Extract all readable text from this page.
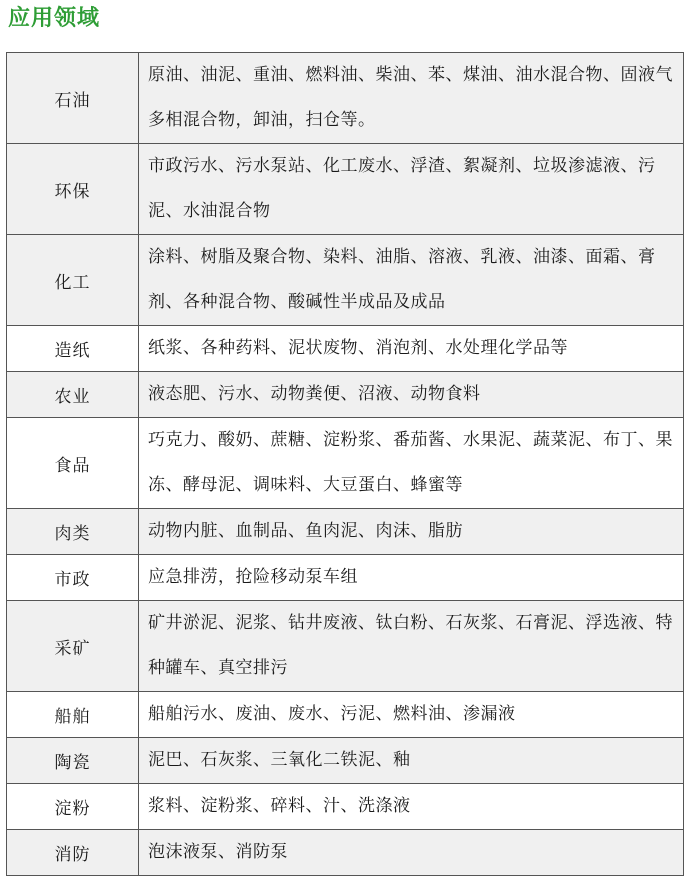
应用领域
石油	原油、油泥、重油、燃料油、柴油、苯、煤油、油水混合物、固液气多相混合物，卸油，扫仓等。
环保	市政污水、污水泵站、化工废水、浮渣、絮凝剂、垃圾渗滤液、污泥、水油混合物
化工	涂料、树脂及聚合物、染料、油脂、溶液、乳液、油漆、面霜、膏剂、各种混合物、酸碱性半成品及成品
造纸	纸浆、各种药料、泥状废物、消泡剂、水处理化学品等
农业	液态肥、污水、动物粪便、沼液、动物食料
食品	巧克力、酸奶、蔗糖、淀粉浆、番茄酱、水果泥、蔬菜泥、布丁、果冻、酵母泥、调味料、大豆蛋白、蜂蜜等
肉类	动物内脏、血制品、鱼肉泥、肉沫、脂肪
市政	应急排涝，抢险移动泵车组
采矿	矿井淤泥、泥浆、钻井废液、钛白粉、石灰浆、石膏泥、浮选液、特种罐车、真空排污
船舶	船舶污水、废油、废水、污泥、燃料油、渗漏液
陶瓷	泥巴、石灰浆、三氧化二铁泥、釉
淀粉	浆料、淀粉浆、碎料、汁、洗涤液
消防	泡沫液泵、消防泵
